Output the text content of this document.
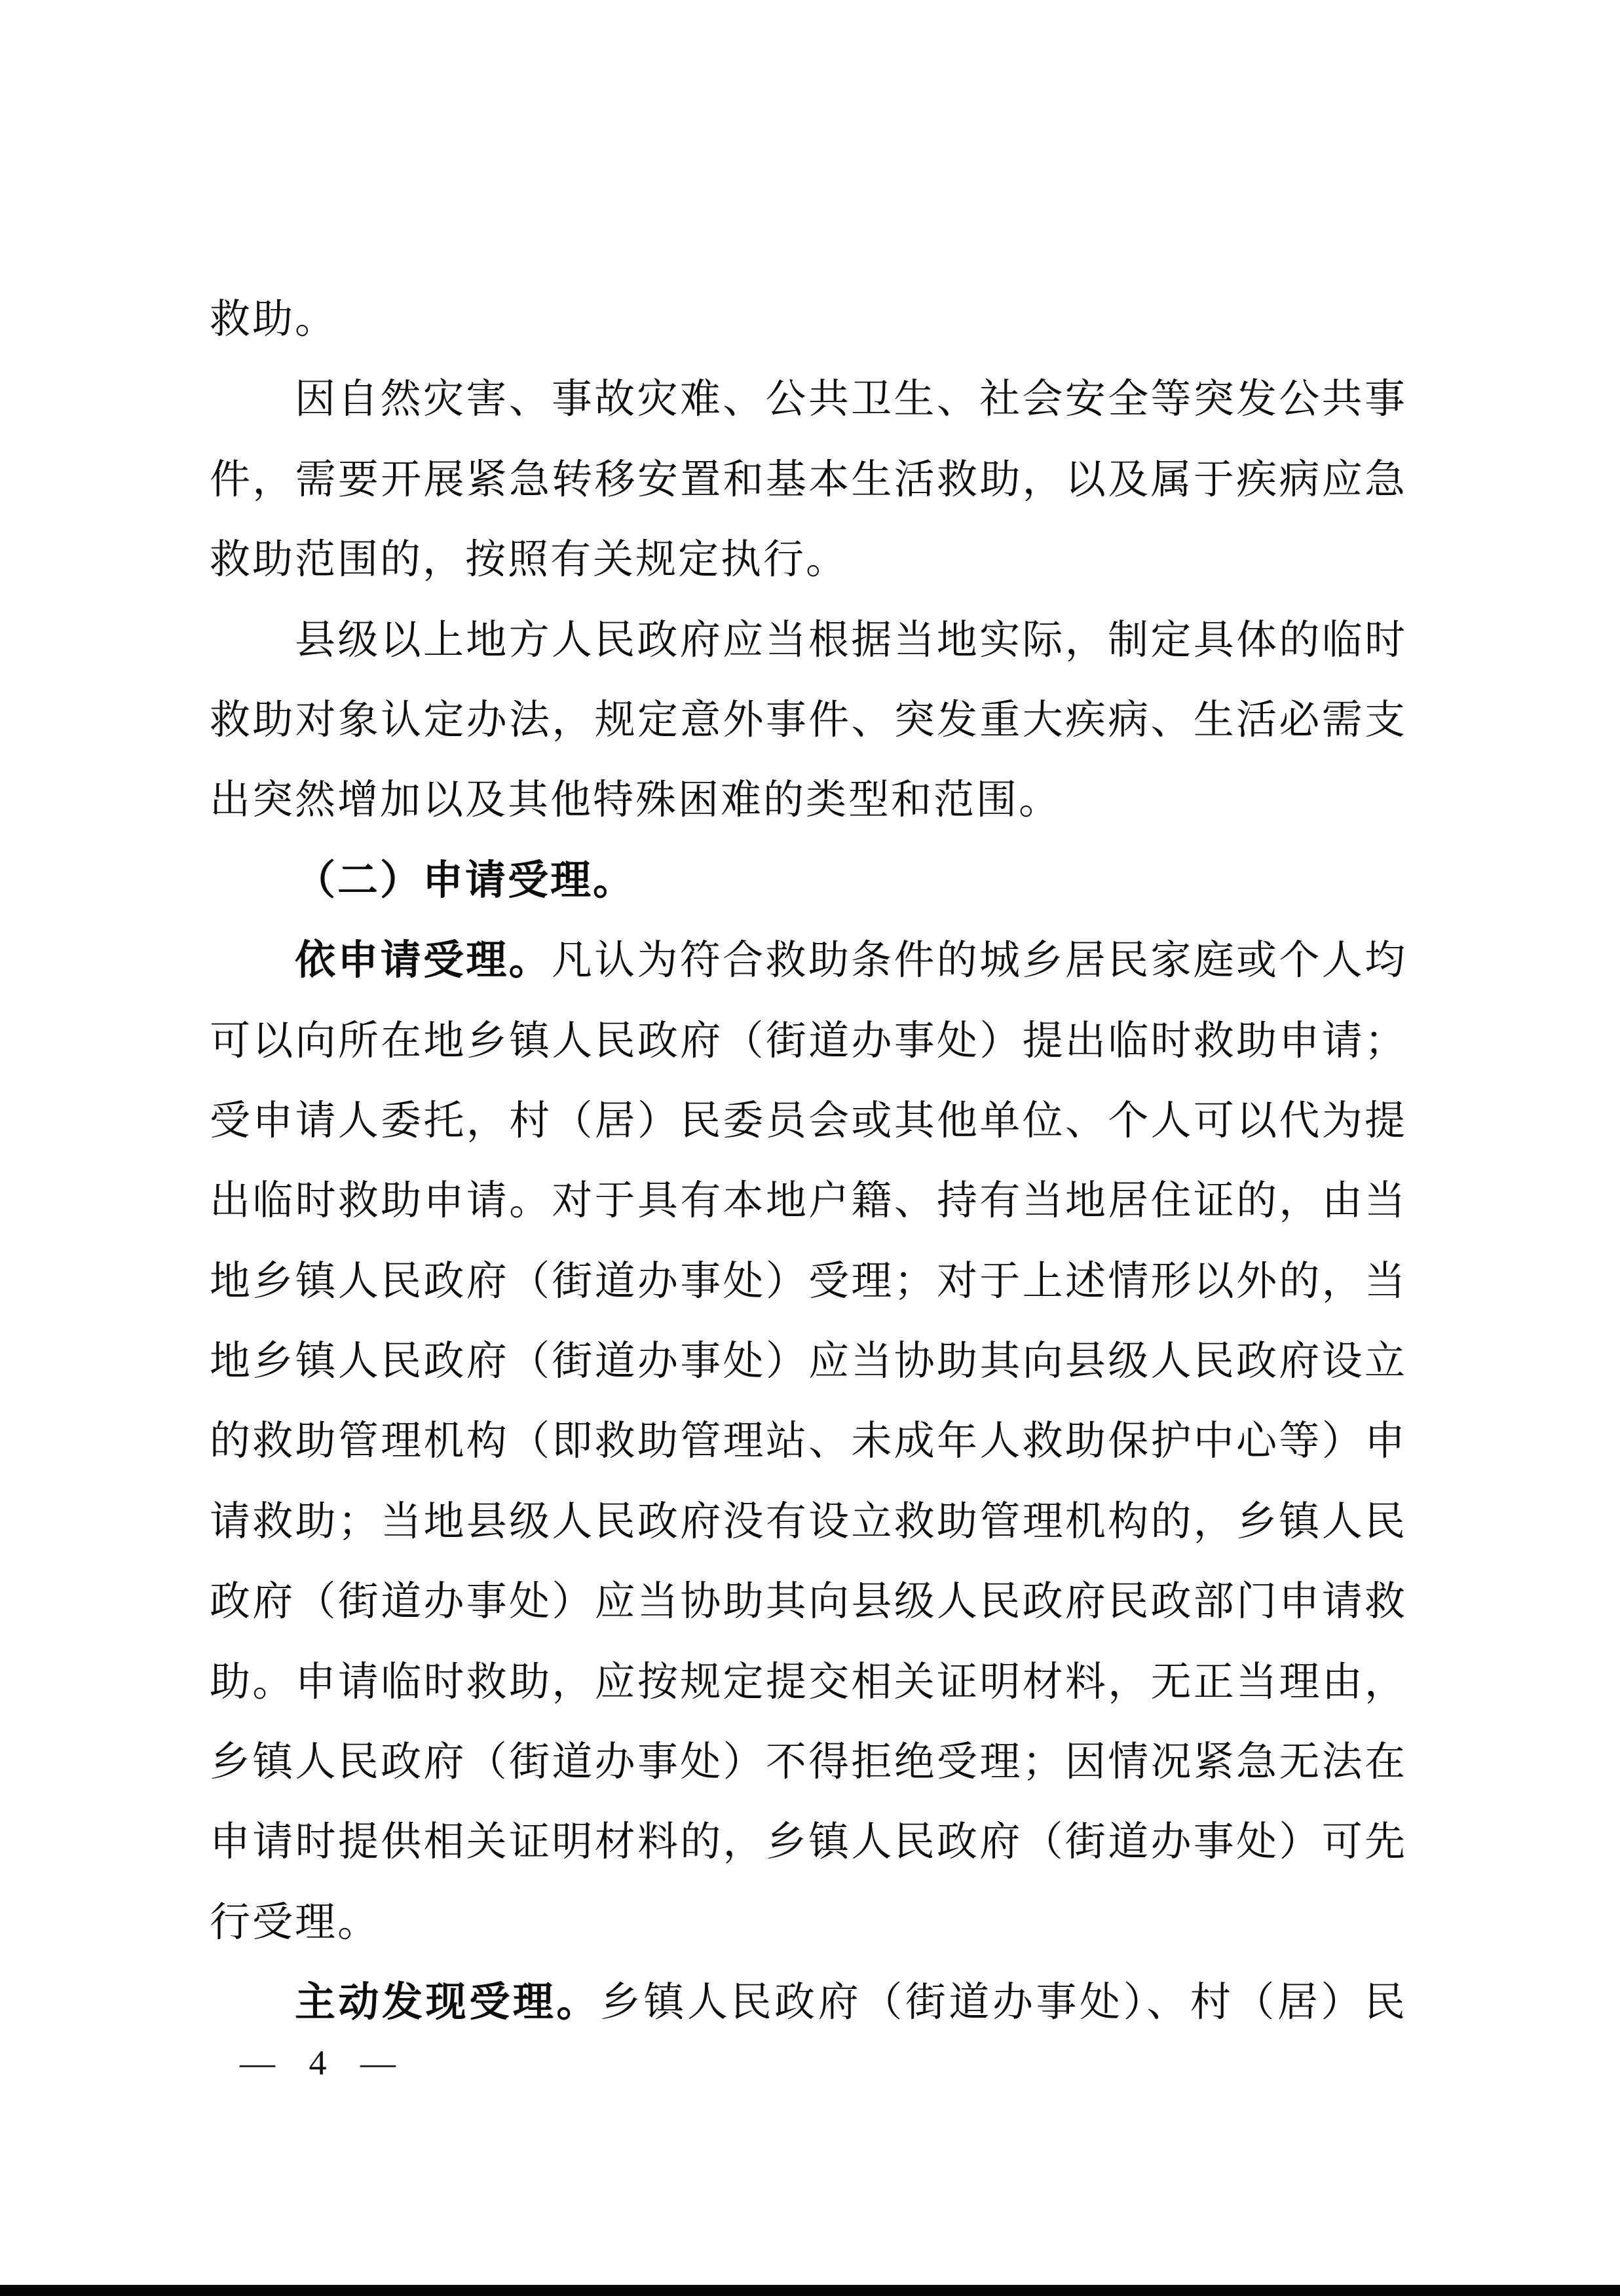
救助。

因自然灾害、事故灾难、公共卫生、社会安全等突发公共事

件，需要开展紧急转移安置和基本生活救助，以及属于疾病应急

救助范围的，按照有关规定执行。

县级以上地方人民政府应当根据当地实际，制定具体的临时

救助对象认定办法，规定意外事件、突发重大疾病、生活必需支

出突然增加以及其他特殊困难的类型和范围。

（二）申请受理。

依申请受理。凡认为符合救助条件的城乡居民家庭或个人均

可以向所在地乡镇人民政府（街道办事处）提出临时救助申请；

受申请人委托，村（居）民委员会或其他单位、个人可以代为提

出临时救助申请。对于具有本地户籍、持有当地居住证的，由当

地乡镇人民政府（街道办事处）受理；对于上述情形以外的，当

地乡镇人民政府（街道办事处）应当协助其向县级人民政府设立

的救助管理机构（即救助管理站、未成年人救助保护中心等）申

请救助；当地县级人民政府没有设立救助管理机构的，乡镇人民

政府（街道办事处）应当协助其向县级人民政府民政部门申请救

助。申请临时救助，应按规定提交相关证明材料，无正当理由，

乡镇人民政府（街道办事处）不得拒绝受理；因情况紧急无法在

申请时提供相关证明材料的，乡镇人民政府（街道办事处）可先

行受理。

主动发现受理。乡镇人民政府（街道办事处）、村（居）民

— 4 —
